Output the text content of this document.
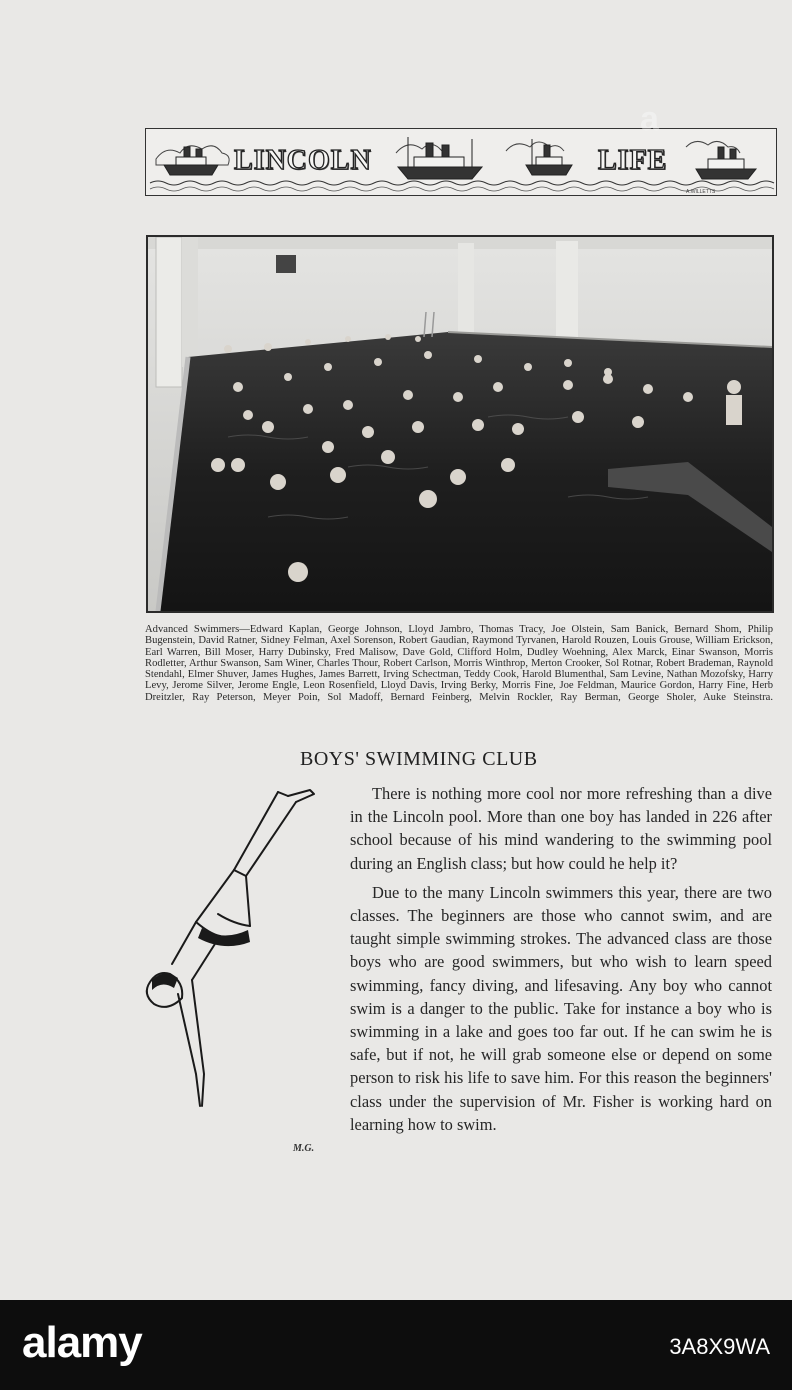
A.WILLETTS
LINCOLN	LIFE
Advanced Swimmers—Edward Kaplan, George Johnson, Lloyd Jambro, Thomas Tracy, Joe Olstein, Sam Banick, Bernard Shom, Philip Bugenstein, David Ratner, Sidney Felman, Axel Sorenson, Robert Gaudian, Raymond Tyrvanen, Harold Rouzen, Louis Grouse, William Erickson, Earl Warren, Bill Moser, Harry Dubinsky, Fred Malisow, Dave Gold, Clifford Holm, Dudley Woehning, Alex Marck, Einar Swanson, Morris Rodletter, Arthur Swanson, Sam Winer, Charles Thour, Robert Carlson, Morris Winthrop, Merton Crooker, Sol Rotnar, Robert Brademan, Raynold Stendahl, Elmer Shuver, James Hughes, James Barrett, Irving Schectman, Teddy Cook, Harold Blumenthal, Sam Levine, Nathan Mozofsky, Harry Levy, Jerome Silver, Jerome Engle, Leon Rosenfield, Lloyd Davis, Irving Berky, Morris Fine, Joe Feldman, Maurice Gordon, Harry Fine, Herb Dreitzler, Ray Peterson, Meyer Poin, Sol Madoff, Bernard Feinberg, Melvin Rockler, Ray Berman, George Sholer, Auke Steinstra.
BOYS' SWIMMING CLUB
M.G.

There is nothing more cool nor more refreshing than a dive in the Lincoln pool. More than one boy has landed in 226 after school because of his mind wandering to the swimming pool during an English class; but how could he help it?

Due to the many Lincoln swimmers this year, there are two classes. The beginners are those who cannot swim, and are taught simple swimming strokes. The advanced class are those boys who are good swimmers, but who wish to learn speed swimming, fancy diving, and lifesaving. Any boy who cannot swim is a danger to the public. Take for instance a boy who is swimming in a lake and goes too far out. If he can swim he is safe, but if not, he will grab someone else or depend on some person to risk his life to save him. For this reason the beginners' class under the supervision of Mr. Fisher is working hard on learning how to swim.

a
alamy	3A8X9WA
